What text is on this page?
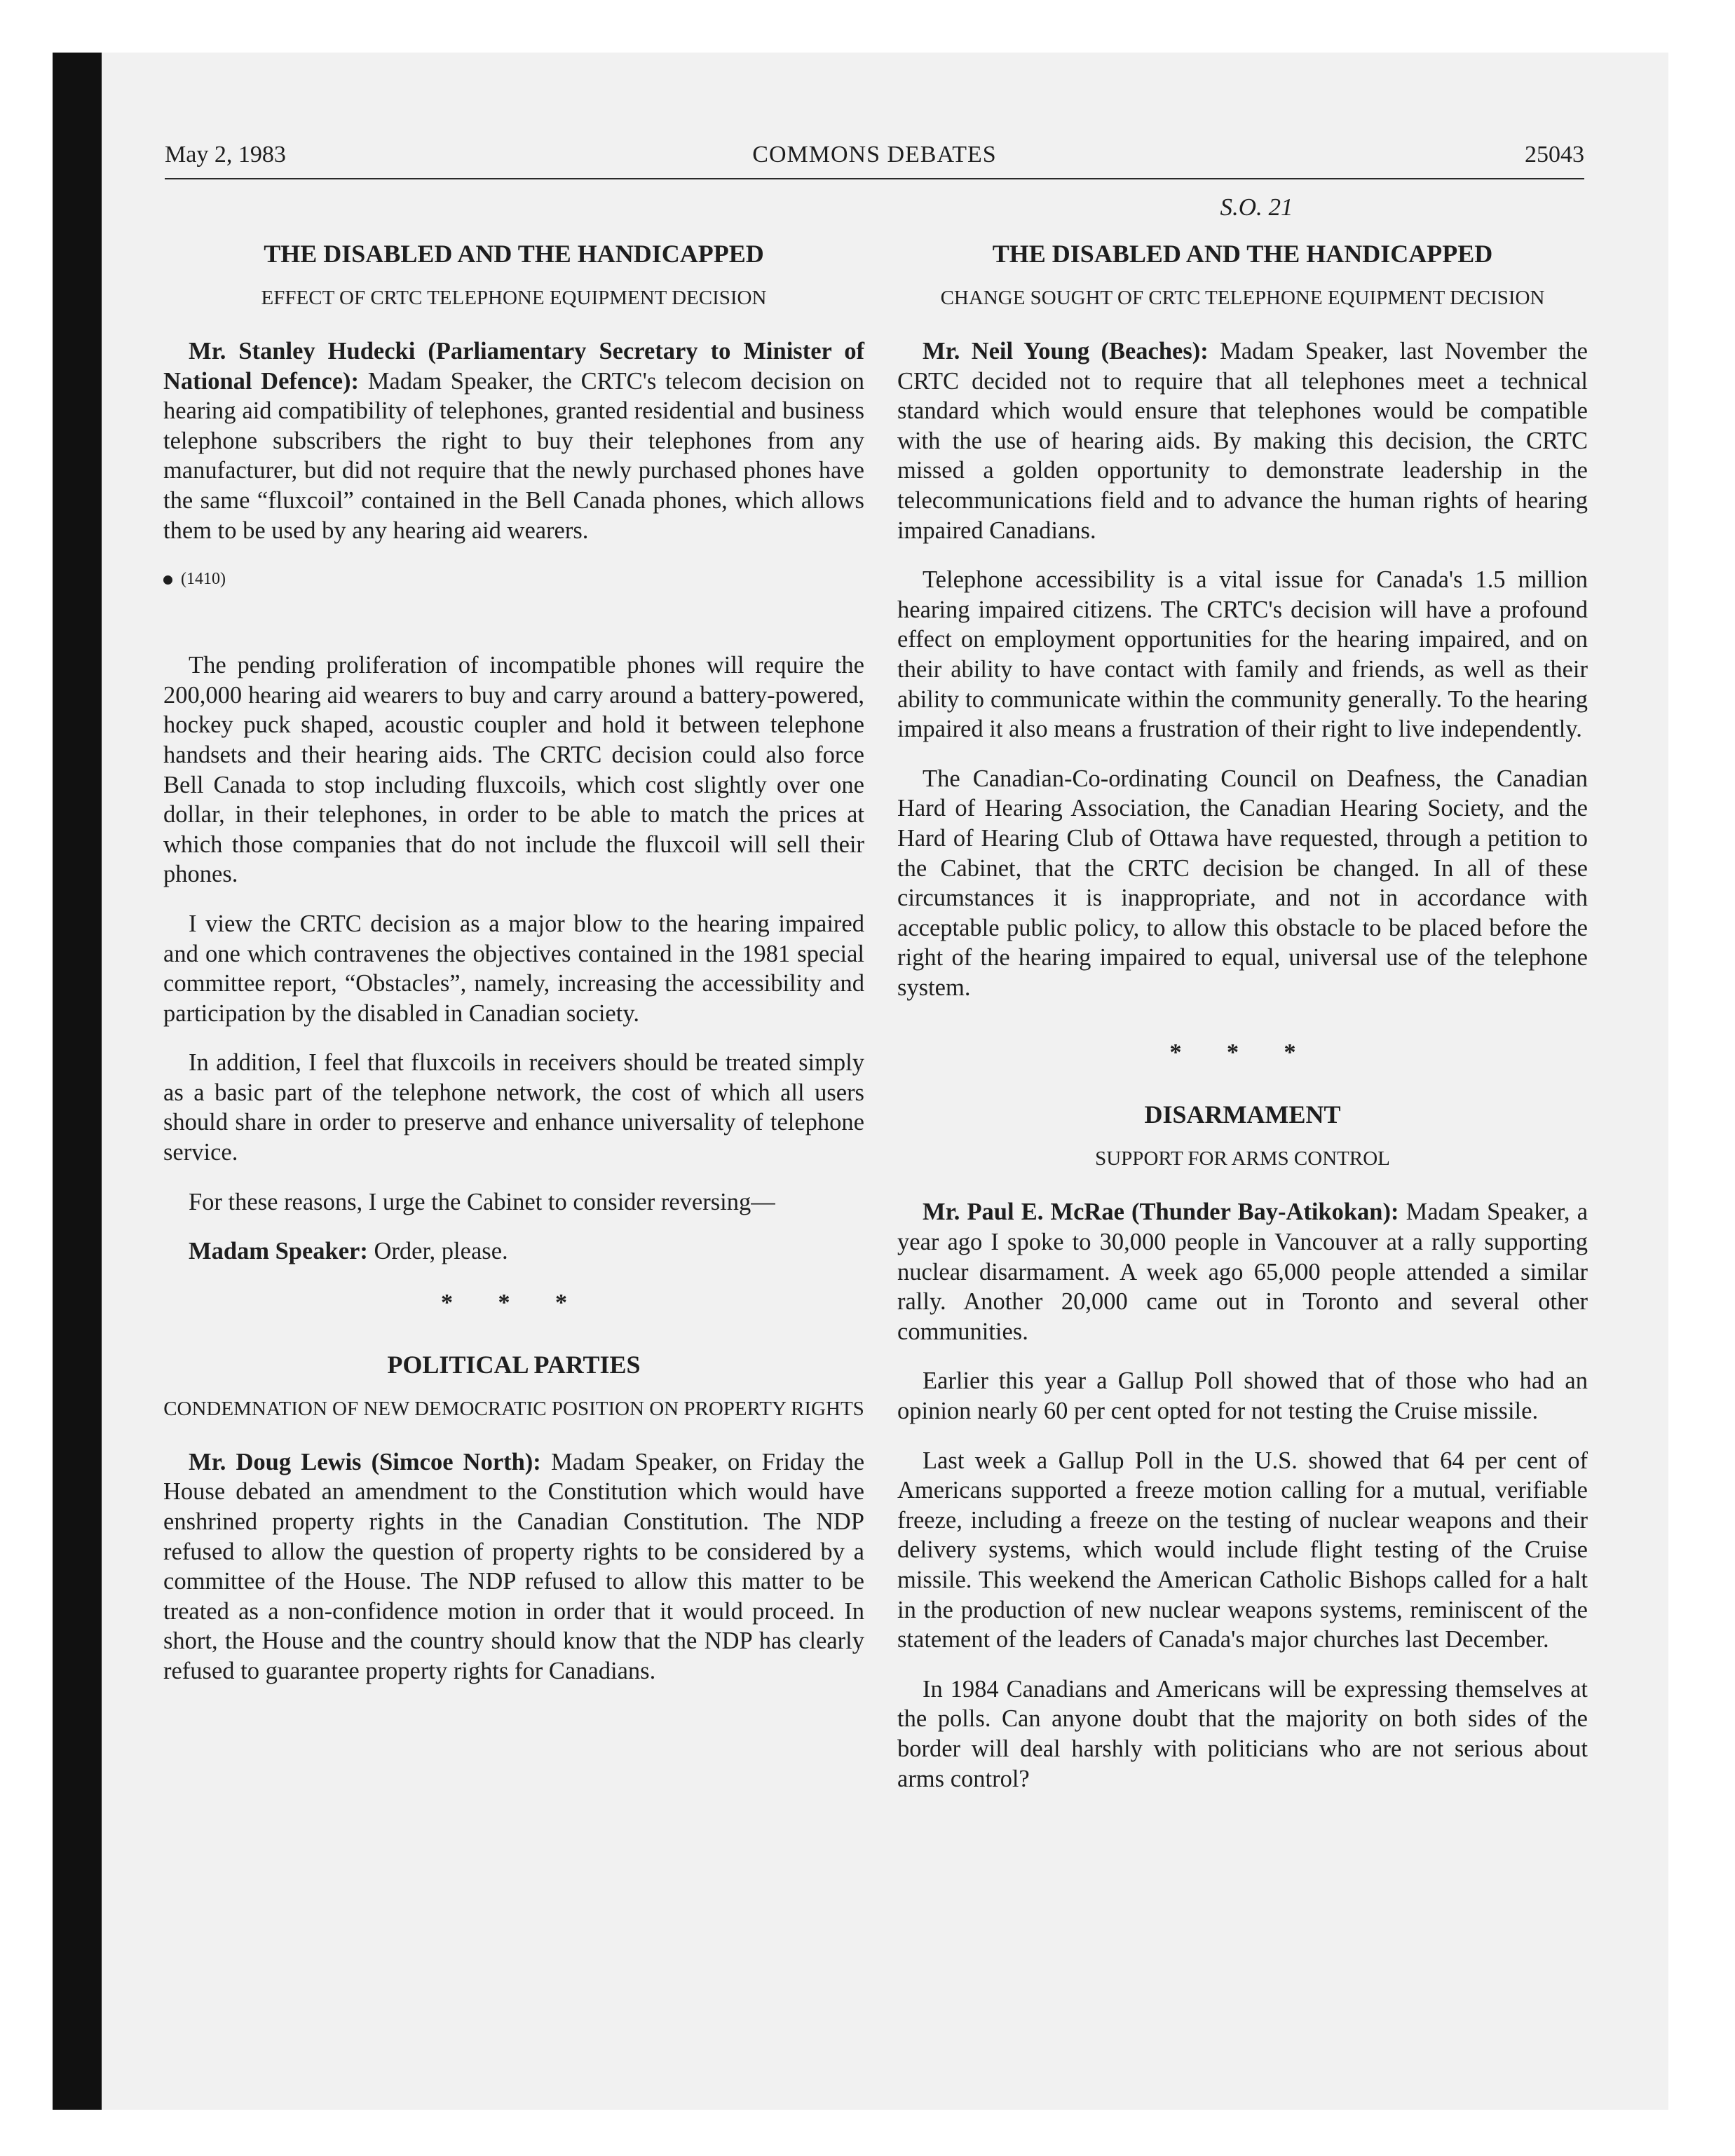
May 2, 1983	COMMONS DEBATES	25043
THE DISABLED AND THE HANDICAPPED
EFFECT OF CRTC TELEPHONE EQUIPMENT DECISION

Mr. Stanley Hudecki (Parliamentary Secretary to Minister of National Defence): Madam Speaker, the CRTC's telecom decision on hearing aid compatibility of telephones, granted residential and business telephone subscribers the right to buy their telephones from any manufacturer, but did not require that the newly purchased phones have the same “fluxcoil” contained in the Bell Canada phones, which allows them to be used by any hearing aid wearers.

(1410)

The pending proliferation of incompatible phones will require the 200,000 hearing aid wearers to buy and carry around a battery-powered, hockey puck shaped, acoustic coupler and hold it between telephone handsets and their hearing aids. The CRTC decision could also force Bell Canada to stop including fluxcoils, which cost slightly over one dollar, in their telephones, in order to be able to match the prices at which those companies that do not include the fluxcoil will sell their phones.

I view the CRTC decision as a major blow to the hearing impaired and one which contravenes the objectives contained in the 1981 special committee report, “Obstacles”, namely, increasing the accessibility and participation by the disabled in Canadian society.

In addition, I feel that fluxcoils in receivers should be treated simply as a basic part of the telephone network, the cost of which all users should share in order to preserve and enhance universality of telephone service.

For these reasons, I urge the Cabinet to consider reversing—

Madam Speaker: Order, please.

* * *
POLITICAL PARTIES
CONDEMNATION OF NEW DEMOCRATIC POSITION ON PROPERTY RIGHTS

Mr. Doug Lewis (Simcoe North): Madam Speaker, on Friday the House debated an amendment to the Constitution which would have enshrined property rights in the Canadian Constitution. The NDP refused to allow the question of property rights to be considered by a committee of the House. The NDP refused to allow this matter to be treated as a non-confidence motion in order that it would proceed. In short, the House and the country should know that the NDP has clearly refused to guarantee property rights for Canadians.

S.O. 21
THE DISABLED AND THE HANDICAPPED
CHANGE SOUGHT OF CRTC TELEPHONE EQUIPMENT DECISION

Mr. Neil Young (Beaches): Madam Speaker, last November the CRTC decided not to require that all telephones meet a technical standard which would ensure that telephones would be compatible with the use of hearing aids. By making this decision, the CRTC missed a golden opportunity to demonstrate leadership in the telecommunications field and to advance the human rights of hearing impaired Canadians.

Telephone accessibility is a vital issue for Canada's 1.5 million hearing impaired citizens. The CRTC's decision will have a profound effect on employment opportunities for the hearing impaired, and on their ability to have contact with family and friends, as well as their ability to communicate within the community generally. To the hearing impaired it also means a frustration of their right to live independently.

The Canadian-Co-ordinating Council on Deafness, the Canadian Hard of Hearing Association, the Canadian Hearing Society, and the Hard of Hearing Club of Ottawa have requested, through a petition to the Cabinet, that the CRTC decision be changed. In all of these circumstances it is inappropriate, and not in accordance with acceptable public policy, to allow this obstacle to be placed before the right of the hearing impaired to equal, universal use of the telephone system.

* * *
DISARMAMENT
SUPPORT FOR ARMS CONTROL

Mr. Paul E. McRae (Thunder Bay-Atikokan): Madam Speaker, a year ago I spoke to 30,000 people in Vancouver at a rally supporting nuclear disarmament. A week ago 65,000 people attended a similar rally. Another 20,000 came out in Toronto and several other communities.

Earlier this year a Gallup Poll showed that of those who had an opinion nearly 60 per cent opted for not testing the Cruise missile.

Last week a Gallup Poll in the U.S. showed that 64 per cent of Americans supported a freeze motion calling for a mutual, verifiable freeze, including a freeze on the testing of nuclear weapons and their delivery systems, which would include flight testing of the Cruise missile. This weekend the American Catholic Bishops called for a halt in the production of new nuclear weapons systems, reminiscent of the statement of the leaders of Canada's major churches last December.

In 1984 Canadians and Americans will be expressing themselves at the polls. Can anyone doubt that the majority on both sides of the border will deal harshly with politicians who are not serious about arms control?
